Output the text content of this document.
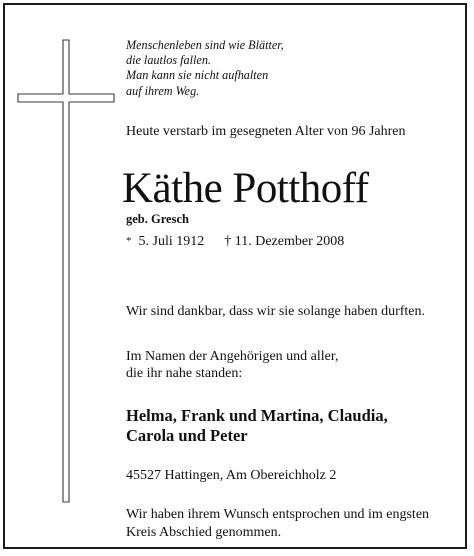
Menschenleben sind wie Blätter,
die lautlos fallen.
Man kann sie nicht aufhalten
auf ihrem Weg.
Heute verstarb im gesegneten Alter von 96 Jahren
Käthe Potthoff
geb. Gresch
* 5. Juli 1912 † 11. Dezember 2008
Wir sind dankbar, dass wir sie solange haben durften.
Im Namen der Angehörigen und aller,
die ihr nahe standen:
Helma, Frank und Martina, Claudia,
Carola und Peter
45527 Hattingen, Am Obereichholz 2
Wir haben ihrem Wunsch entsprochen und im engsten
Kreis Abschied genommen.
